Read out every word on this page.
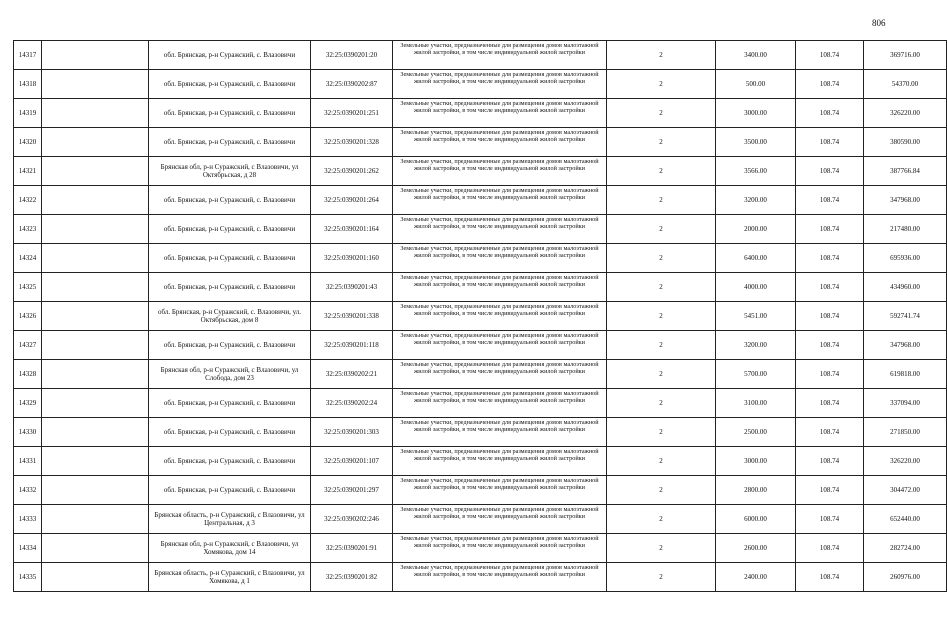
806
14317		обл. Брянская, р-н Суражский, с. Влазовичи	32:25:0390201:20	Земельные участки, предназначенные для размещения домов малоэтажной жилой застройки, в том числе индивидуальной жилой застройки	2	3400.00	108.74	369716.00
14318		обл. Брянская, р-н Суражский, с. Влазовичи	32:25:0390202:87	Земельные участки, предназначенные для размещения домов малоэтажной жилой застройки, в том числе индивидуальной жилой застройки	2	500.00	108.74	54370.00
14319		обл. Брянская, р-н Суражский, с. Влазовичи	32:25:0390201:251	Земельные участки, предназначенные для размещения домов малоэтажной жилой застройки, в том числе индивидуальной жилой застройки	2	3000.00	108.74	326220.00
14320		обл. Брянская, р-н Суражский, с. Влазовичи	32:25:0390201:328	Земельные участки, предназначенные для размещения домов малоэтажной жилой застройки, в том числе индивидуальной жилой застройки	2	3500.00	108.74	380590.00
14321		Брянская обл, р-н Суражский, с Влазовичи, ул Октябрьская, д 28	32:25:0390201:262	Земельные участки, предназначенные для размещения домов малоэтажной жилой застройки, в том числе индивидуальной жилой застройки	2	3566.00	108.74	387766.84
14322		обл. Брянская, р-н Суражский, с. Влазовичи	32:25:0390201:264	Земельные участки, предназначенные для размещения домов малоэтажной жилой застройки, в том числе индивидуальной жилой застройки	2	3200.00	108.74	347968.00
14323		обл. Брянская, р-н Суражский, с. Влазовичи	32:25:0390201:164	Земельные участки, предназначенные для размещения домов малоэтажной жилой застройки, в том числе индивидуальной жилой застройки	2	2000.00	108.74	217480.00
14324		обл. Брянская, р-н Суражский, с. Влазовичи	32:25:0390201:160	Земельные участки, предназначенные для размещения домов малоэтажной жилой застройки, в том числе индивидуальной жилой застройки	2	6400.00	108.74	695936.00
14325		обл. Брянская, р-н Суражский, с. Влазовичи	32:25:0390201:43	Земельные участки, предназначенные для размещения домов малоэтажной жилой застройки, в том числе индивидуальной жилой застройки	2	4000.00	108.74	434960.00
14326		обл. Брянская, р-н Суражский, с. Влазовичи, ул. Октябрьская, дом 8	32:25:0390201:338	Земельные участки, предназначенные для размещения домов малоэтажной жилой застройки, в том числе индивидуальной жилой застройки	2	5451.00	108.74	592741.74
14327		обл. Брянская, р-н Суражский, с. Влазовичи	32:25:0390201:118	Земельные участки, предназначенные для размещения домов малоэтажной жилой застройки, в том числе индивидуальной жилой застройки	2	3200.00	108.74	347968.00
14328		Брянская обл, р-н Суражский, с Влазовичи, ул Слобода, дом 23	32:25:0390202:21	Земельные участки, предназначенные для размещения домов малоэтажной жилой застройки, в том числе индивидуальной жилой застройки	2	5700.00	108.74	619818.00
14329		обл. Брянская, р-н Суражский, с. Влазовичи	32:25:0390202:24	Земельные участки, предназначенные для размещения домов малоэтажной жилой застройки, в том числе индивидуальной жилой застройки	2	3100.00	108.74	337094.00
14330		обл. Брянская, р-н Суражский, с. Влазовичи	32:25:0390201:303	Земельные участки, предназначенные для размещения домов малоэтажной жилой застройки, в том числе индивидуальной жилой застройки	2	2500.00	108.74	271850.00
14331		обл. Брянская, р-н Суражский, с. Влазовичи	32:25:0390201:107	Земельные участки, предназначенные для размещения домов малоэтажной жилой застройки, в том числе индивидуальной жилой застройки	2	3000.00	108.74	326220.00
14332		обл. Брянская, р-н Суражский, с. Влазовичи	32:25:0390201:297	Земельные участки, предназначенные для размещения домов малоэтажной жилой застройки, в том числе индивидуальной жилой застройки	2	2800.00	108.74	304472.00
14333		Брянская область, р-н Суражский, с Влазовичи, ул Центральная, д 3	32:25:0390202:246	Земельные участки, предназначенные для размещения домов малоэтажной жилой застройки, в том числе индивидуальной жилой застройки	2	6000.00	108.74	652440.00
14334		Брянская обл, р-н Суражский, с Влазовичи, ул Хомякова, дом 14	32:25:0390201:91	Земельные участки, предназначенные для размещения домов малоэтажной жилой застройки, в том числе индивидуальной жилой застройки	2	2600.00	108.74	282724.00
14335		Брянская область, р-н Суражский, с Влазовичи, ул Хомякова, д 1	32:25:0390201:82	Земельные участки, предназначенные для размещения домов малоэтажной жилой застройки, в том числе индивидуальной жилой застройки	2	2400.00	108.74	260976.00
